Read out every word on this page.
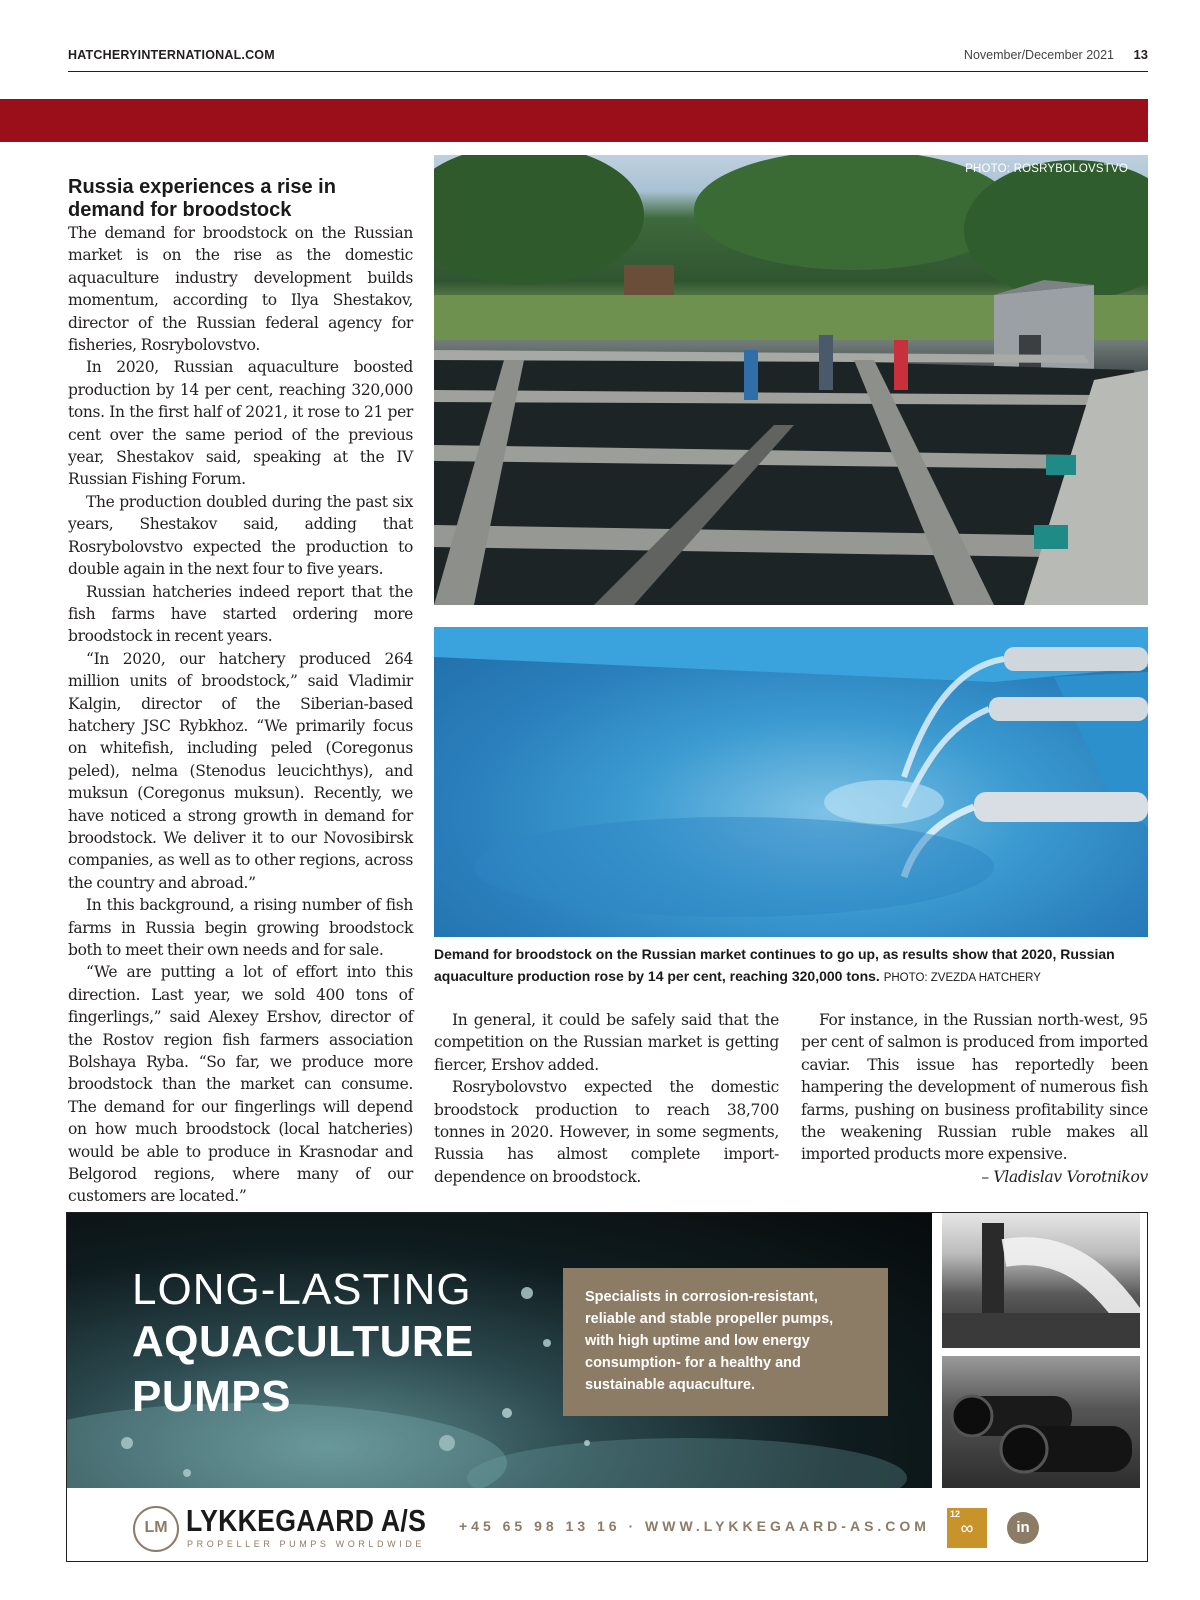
HATCHERYINTERNATIONAL.COM	November/December 2021 13
Russia experiences a rise in demand for broodstock

The demand for broodstock on the Russian market is on the rise as the domestic aquaculture industry development builds momentum, according to Ilya Shestakov, director of the Russian federal agency for fisheries, Rosrybolovstvo.

In 2020, Russian aquaculture boosted production by 14 per cent, reaching 320,000 tons. In the first half of 2021, it rose to 21 per cent over the same period of the previous year, Shestakov said, speaking at the IV Russian Fishing Forum.

The production doubled during the past six years, Shestakov said, adding that Rosrybolovstvo expected the production to double again in the next four to five years.

Russian hatcheries indeed report that the fish farms have started ordering more broodstock in recent years.

“In 2020, our hatchery produced 264 million units of broodstock,” said Vladimir Kalgin, director of the Siberian-based hatchery JSC Rybkhoz. “We primarily focus on whitefish, including peled (Coregonus peled), nelma (Stenodus leucichthys), and muksun (Coregonus muksun). Recently, we have noticed a strong growth in demand for broodstock. We deliver it to our Novosibirsk companies, as well as to other regions, across the country and abroad.”

In this background, a rising number of fish farms in Russia begin growing broodstock both to meet their own needs and for sale.

“We are putting a lot of effort into this direction. Last year, we sold 400 tons of fingerlings,” said Alexey Ershov, director of the Rostov region fish farmers association Bolshaya Ryba. “So far, we produce more broodstock than the market can consume. The demand for our fingerlings will depend on how much broodstock (local hatcheries) would be able to produce in Krasnodar and Belgorod regions, where many of our customers are located.”

PHOTO: ROSRYBOLOVSTVO
Demand for broodstock on the Russian market continues to go up, as results show that 2020, Russian aquaculture production rose by 14 per cent, reaching 320,000 tons. PHOTO: ZVEZDA HATCHERY

In general, it could be safely said that the competition on the Russian market is getting fiercer, Ershov added.

Rosrybolovstvo expected the domestic broodstock production to reach 38,700 tonnes in 2020. However, in some segments, Russia has almost complete import-dependence on broodstock.

For instance, in the Russian north-west, 95 per cent of salmon is produced from imported caviar. This issue has reportedly been hampering the development of numerous fish farms, pushing on business profitability since the weakening Russian ruble makes all imported products more expensive.

– Vladislav Vorotnikov
LONG-LASTING
AQUACULTURE
PUMPS
Specialists in corrosion-resistant, reliable and stable propeller pumps, with high uptime and low energy consumption- for a healthy and sustainable aquaculture.
LM LYKKEGAARD A/S
PROPELLER PUMPS WORLDWIDE
+45 65 98 13 16 · WWW.LYKKEGAARD-AS.COM
12
∞	in
